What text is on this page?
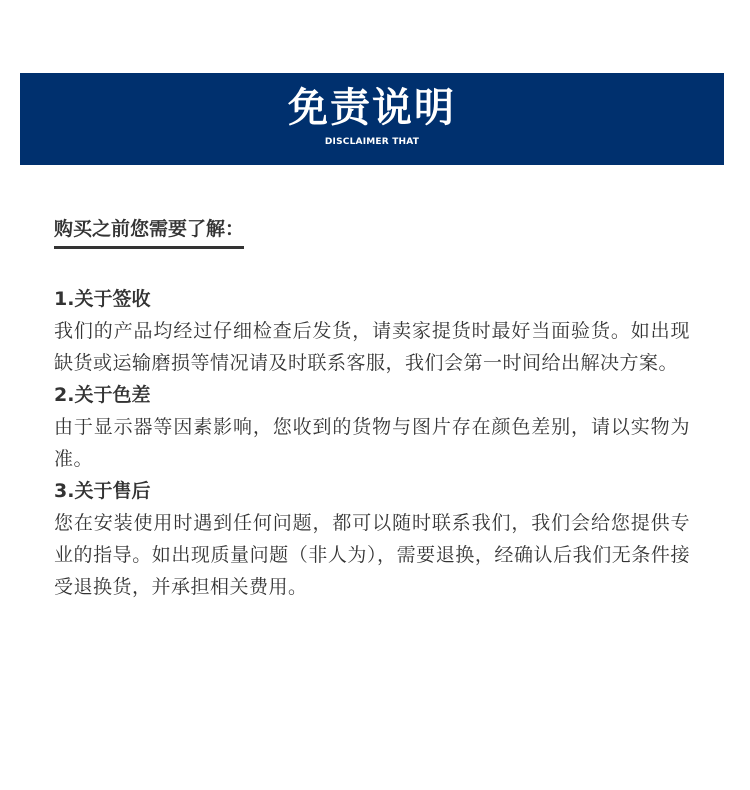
免责说明
DISCLAIMER THAT
购买之前您需要了解：
1.关于签收
我们的产品均经过仔细检查后发货，请卖家提货时最好当面验货。如出现缺货或运输磨损等情况请及时联系客服，我们会第一时间给出解决方案。
2.关于色差
由于显示器等因素影响，您收到的货物与图片存在颜色差别，请以实物为准。
3.关于售后
您在安装使用时遇到任何问题，都可以随时联系我们，我们会给您提供专业的指导。如出现质量问题（非人为），需要退换，经确认后我们无条件接受退换货，并承担相关费用。
